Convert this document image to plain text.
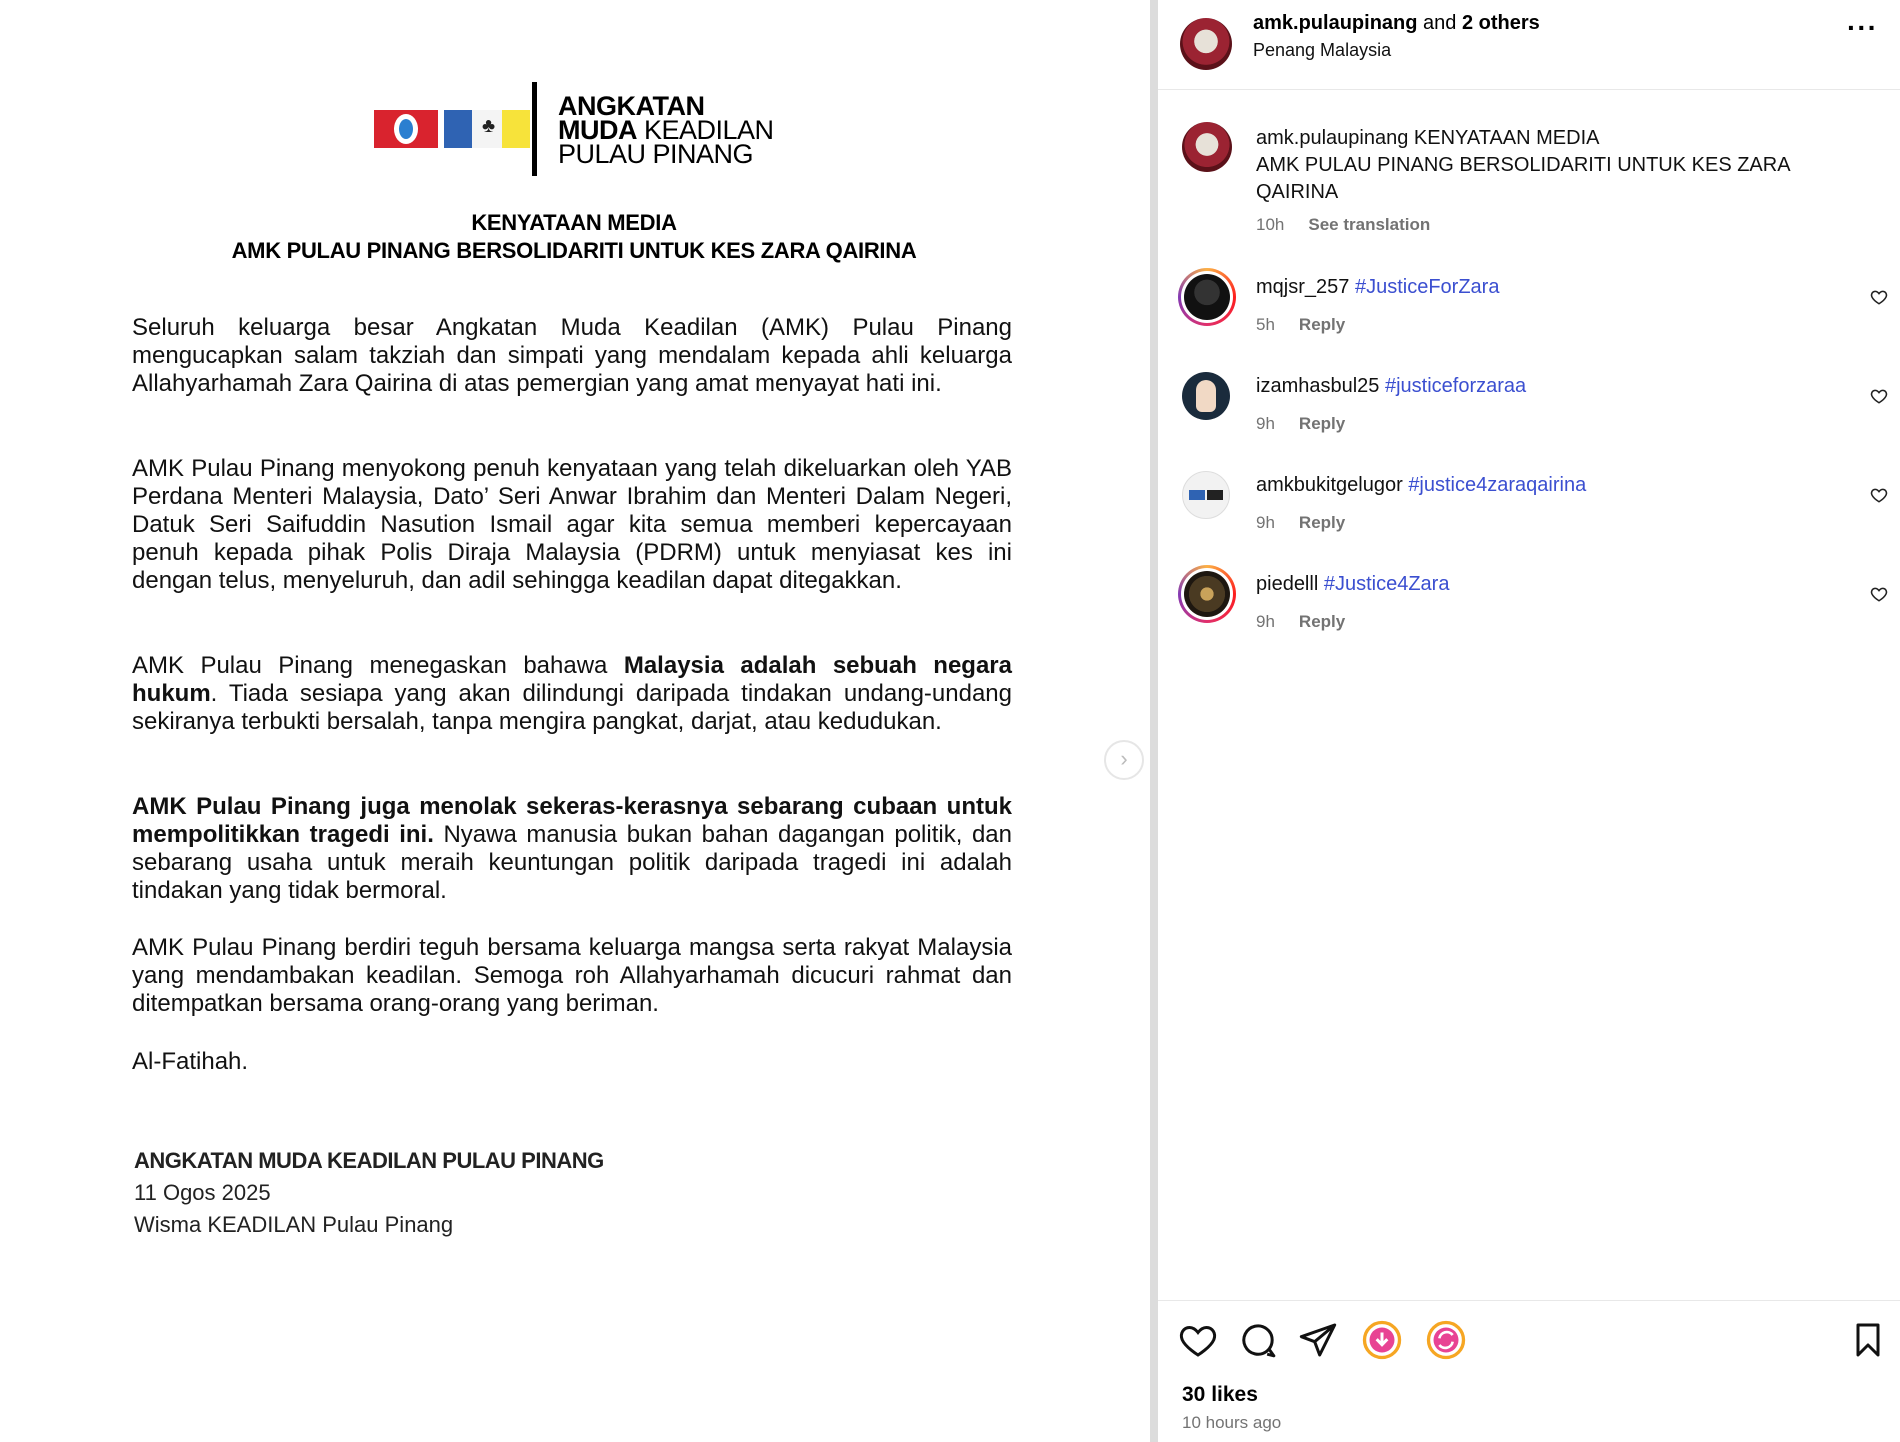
♣
ANGKATAN
MUDA KEADILAN
PULAU PINANG
KENYATAAN MEDIA
AMK PULAU PINANG BERSOLIDARITI UNTUK KES ZARA QAIRINA
Seluruh keluarga besar Angkatan Muda Keadilan (AMK) Pulau Pinang mengucapkan salam takziah dan simpati yang mendalam kepada ahli keluarga Allahyarhamah Zara Qairina di atas pemergian yang amat menyayat hati ini.
AMK Pulau Pinang menyokong penuh kenyataan yang telah dikeluarkan oleh YAB Perdana Menteri Malaysia, Dato’ Seri Anwar Ibrahim dan Menteri Dalam Negeri, Datuk Seri Saifuddin Nasution Ismail agar kita semua memberi kepercayaan penuh kepada pihak Polis Diraja Malaysia (PDRM) untuk menyiasat kes ini dengan telus, menyeluruh, dan adil sehingga keadilan dapat ditegakkan.
AMK Pulau Pinang menegaskan bahawa Malaysia adalah sebuah negara hukum. Tiada sesiapa yang akan dilindungi daripada tindakan undang-undang sekiranya terbukti bersalah, tanpa mengira pangkat, darjat, atau kedudukan.
AMK Pulau Pinang juga menolak sekeras-kerasnya sebarang cubaan untuk mempolitikkan tragedi ini. Nyawa manusia bukan bahan dagangan politik, dan sebarang usaha untuk meraih keuntungan politik daripada tragedi ini adalah tindakan yang tidak bermoral.
AMK Pulau Pinang berdiri teguh bersama keluarga mangsa serta rakyat Malaysia yang mendambakan keadilan. Semoga roh Allahyarhamah dicucuri rahmat dan ditempatkan bersama orang-orang yang beriman.
Al-Fatihah.
ANGKATAN MUDA KEADILAN PULAU PINANG
11 Ogos 2025
Wisma KEADILAN Pulau Pinang
›
amk.pulaupinang and 2 others
Penang Malaysia
···
amk.pulaupinang KENYATAAN MEDIA
AMK PULAU PINANG BERSOLIDARITI UNTUK KES ZARA QAIRINA
10h See translation
mqjsr_257 #JusticeForZara
5h Reply
izamhasbul25 #justiceforzaraa
9h Reply
amkbukitgelugor #justice4zaraqairina
9h Reply
piedelll #Justice4Zara
9h Reply
30 likes
10 hours ago
